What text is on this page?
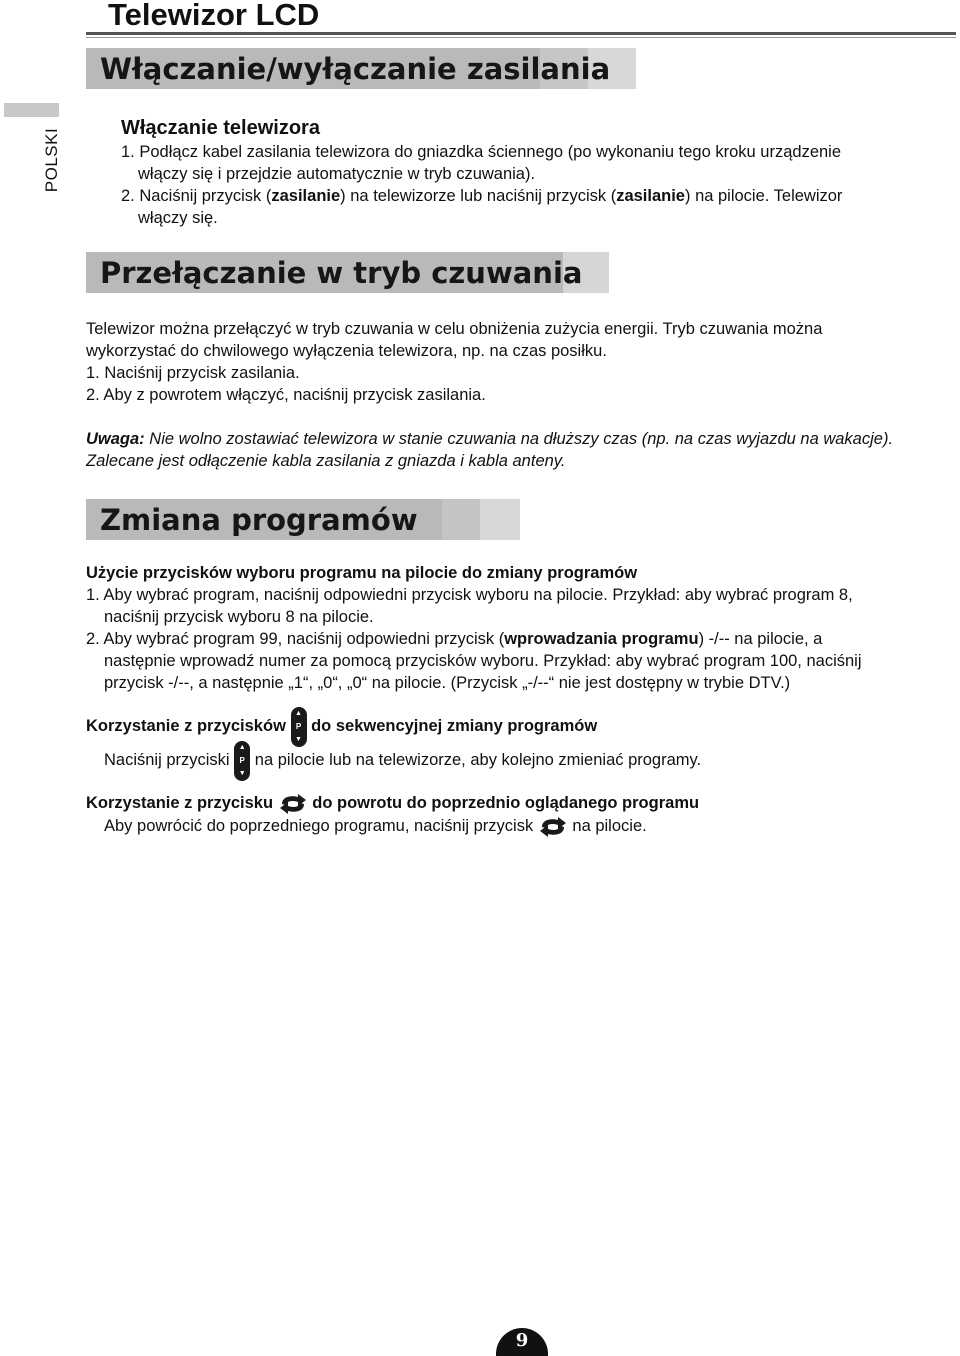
Telewizor LCD
POLSKI
Włączanie/wyłączanie zasilania
Włączanie telewizora
1. Podłącz kabel zasilania telewizora do gniazdka ściennego (po wykonaniu tego kroku urządzenie
włączy się i przejdzie automatycznie w tryb czuwania).
2. Naciśnij przycisk (zasilanie) na telewizorze lub naciśnij przycisk (zasilanie) na pilocie. Telewizor
włączy się.
Przełączanie w tryb czuwania
Telewizor można przełączyć w tryb czuwania w celu obniżenia zużycia energii. Tryb czuwania można
wykorzystać do chwilowego wyłączenia telewizora, np. na czas posiłku.
1. Naciśnij przycisk zasilania.
2. Aby z powrotem włączyć, naciśnij przycisk zasilania.
Uwaga: Nie wolno zostawiać telewizora w stanie czuwania na dłuższy czas (np. na czas wyjazdu na wakacje).
Zalecane jest odłączenie kabla zasilania z gniazda i kabla anteny.
Zmiana programów
Użycie przycisków wyboru programu na pilocie do zmiany programów
1. Aby wybrać program, naciśnij odpowiedni przycisk wyboru na pilocie. Przykład: aby wybrać program 8,
naciśnij przycisk wyboru 8 na pilocie.
2. Aby wybrać program 99, naciśnij odpowiedni przycisk (wprowadzania programu) -/-- na pilocie, a
następnie wprowadź numer za pomocą przycisków wyboru. Przykład: aby wybrać program 100, naciśnij
przycisk -/--, a następnie „1“, „0“, „0“ na pilocie. (Przycisk „-/--“ nie jest dostępny w trybie DTV.)
Korzystanie z przycisków
▲
P
▼
do sekwencyjnej zmiany programów
Naciśnij przyciski
▲
P
▼
na pilocie lub na telewizorze, aby kolejno zmieniać programy.
Korzystanie z przycisku do powrotu do poprzednio oglądanego programu
Aby powrócić do poprzedniego programu, naciśnij przycisk na pilocie.
9
